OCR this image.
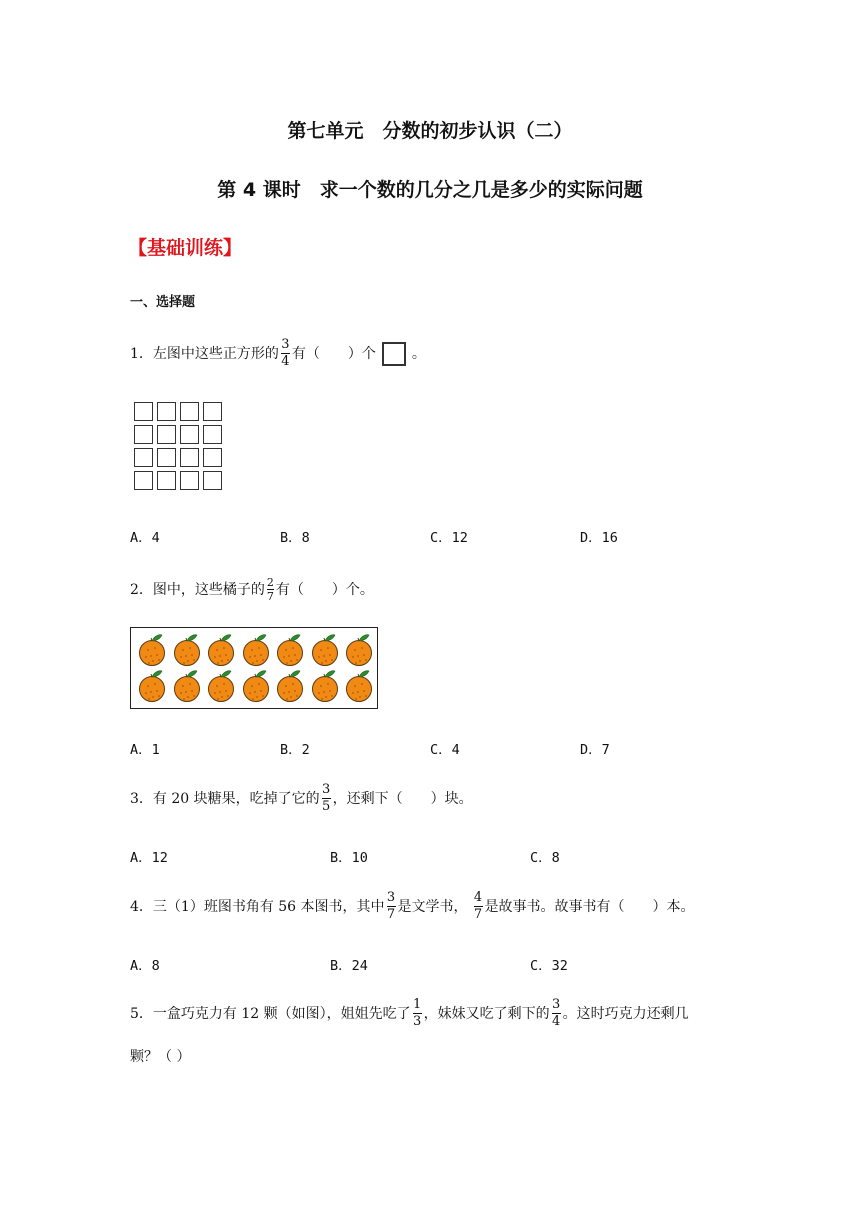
第七单元　分数的初步认识（二）
第 4 课时　求一个数的几分之几是多少的实际问题
【基础训练】
一、选择题
1．左图中这些正方形的 $\frac{3}{4}$ 有（　　）个	。
A．4	B．8	C．12	D．16
2．图中，这些橘子的 $\frac{2}{7}$ 有（　　）个。
A．1	B．2	C．4	D．7
3．有 20 块糖果，吃掉了它的 $\frac{3}{5}$ ，还剩下（　　）块。
A．12	B．10	C．8
4．三（1）班图书角有 56 本图书，其中 $\frac{3}{7}$ 是文学书， $\frac{4}{7}$ 是故事书。故事书有（　　）本。
A．8	B．24	C．32
5．一盒巧克力有 12 颗（如图），姐姐先吃了 $\frac{1}{3}$ ，妹妹又吃了剩下的 $\frac{3}{4}$ 。这时巧克力还剩几
颗？（ ）
